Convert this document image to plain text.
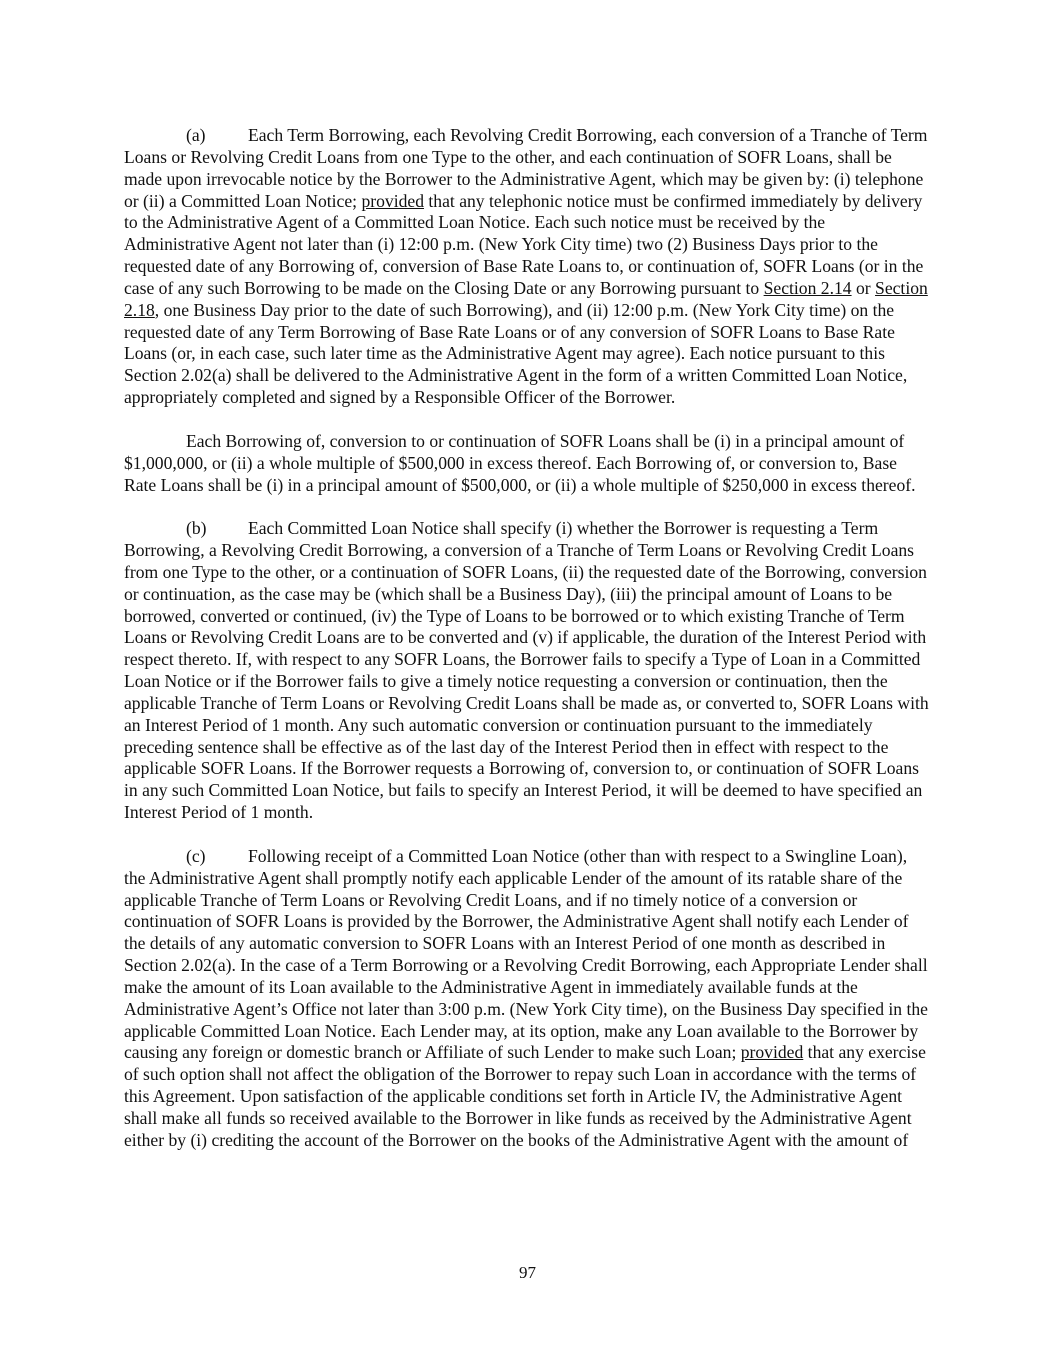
(a) Each Term Borrowing, each Revolving Credit Borrowing, each conversion of a Tranche of Term Loans or Revolving Credit Loans from one Type to the other, and each continuation of SOFR Loans, shall be made upon irrevocable notice by the Borrower to the Administrative Agent, which may be given by: (i) telephone or (ii) a Committed Loan Notice; provided that any telephonic notice must be confirmed immediately by delivery to the Administrative Agent of a Committed Loan Notice. Each such notice must be received by the Administrative Agent not later than (i) 12:00 p.m. (New York City time) two (2) Business Days prior to the requested date of any Borrowing of, conversion of Base Rate Loans to, or continuation of, SOFR Loans (or in the case of any such Borrowing to be made on the Closing Date or any Borrowing pursuant to Section 2.14 or Section 2.18, one Business Day prior to the date of such Borrowing), and (ii) 12:00 p.m. (New York City time) on the requested date of any Term Borrowing of Base Rate Loans or of any conversion of SOFR Loans to Base Rate Loans (or, in each case, such later time as the Administrative Agent may agree). Each notice pursuant to this Section 2.02(a) shall be delivered to the Administrative Agent in the form of a written Committed Loan Notice, appropriately completed and signed by a Responsible Officer of the Borrower.

Each Borrowing of, conversion to or continuation of SOFR Loans shall be (i) in a principal amount of $1,000,000, or (ii) a whole multiple of $500,000 in excess thereof. Each Borrowing of, or conversion to, Base Rate Loans shall be (i) in a principal amount of $500,000, or (ii) a whole multiple of $250,000 in excess thereof.

(b) Each Committed Loan Notice shall specify (i) whether the Borrower is requesting a Term Borrowing, a Revolving Credit Borrowing, a conversion of a Tranche of Term Loans or Revolving Credit Loans from one Type to the other, or a continuation of SOFR Loans, (ii) the requested date of the Borrowing, conversion or continuation, as the case may be (which shall be a Business Day), (iii) the principal amount of Loans to be borrowed, converted or continued, (iv) the Type of Loans to be borrowed or to which existing Tranche of Term Loans or Revolving Credit Loans are to be converted and (v) if applicable, the duration of the Interest Period with respect thereto. If, with respect to any SOFR Loans, the Borrower fails to specify a Type of Loan in a Committed Loan Notice or if the Borrower fails to give a timely notice requesting a conversion or continuation, then the applicable Tranche of Term Loans or Revolving Credit Loans shall be made as, or converted to, SOFR Loans with an Interest Period of 1 month. Any such automatic conversion or continuation pursuant to the immediately preceding sentence shall be effective as of the last day of the Interest Period then in effect with respect to the applicable SOFR Loans. If the Borrower requests a Borrowing of, conversion to, or continuation of SOFR Loans in any such Committed Loan Notice, but fails to specify an Interest Period, it will be deemed to have specified an Interest Period of 1 month.

(c) Following receipt of a Committed Loan Notice (other than with respect to a Swingline Loan), the Administrative Agent shall promptly notify each applicable Lender of the amount of its ratable share of the applicable Tranche of Term Loans or Revolving Credit Loans, and if no timely notice of a conversion or continuation of SOFR Loans is provided by the Borrower, the Administrative Agent shall notify each Lender of the details of any automatic conversion to SOFR Loans with an Interest Period of one month as described in Section 2.02(a). In the case of a Term Borrowing or a Revolving Credit Borrowing, each Appropriate Lender shall make the amount of its Loan available to the Administrative Agent in immediately available funds at the Administrative Agent’s Office not later than 3:00 p.m. (New York City time), on the Business Day specified in the applicable Committed Loan Notice. Each Lender may, at its option, make any Loan available to the Borrower by causing any foreign or domestic branch or Affiliate of such Lender to make such Loan; provided that any exercise of such option shall not affect the obligation of the Borrower to repay such Loan in accordance with the terms of this Agreement. Upon satisfaction of the applicable conditions set forth in Article IV, the Administrative Agent shall make all funds so received available to the Borrower in like funds as received by the Administrative Agent either by (i) crediting the account of the Borrower on the books of the Administrative Agent with the amount of

97
